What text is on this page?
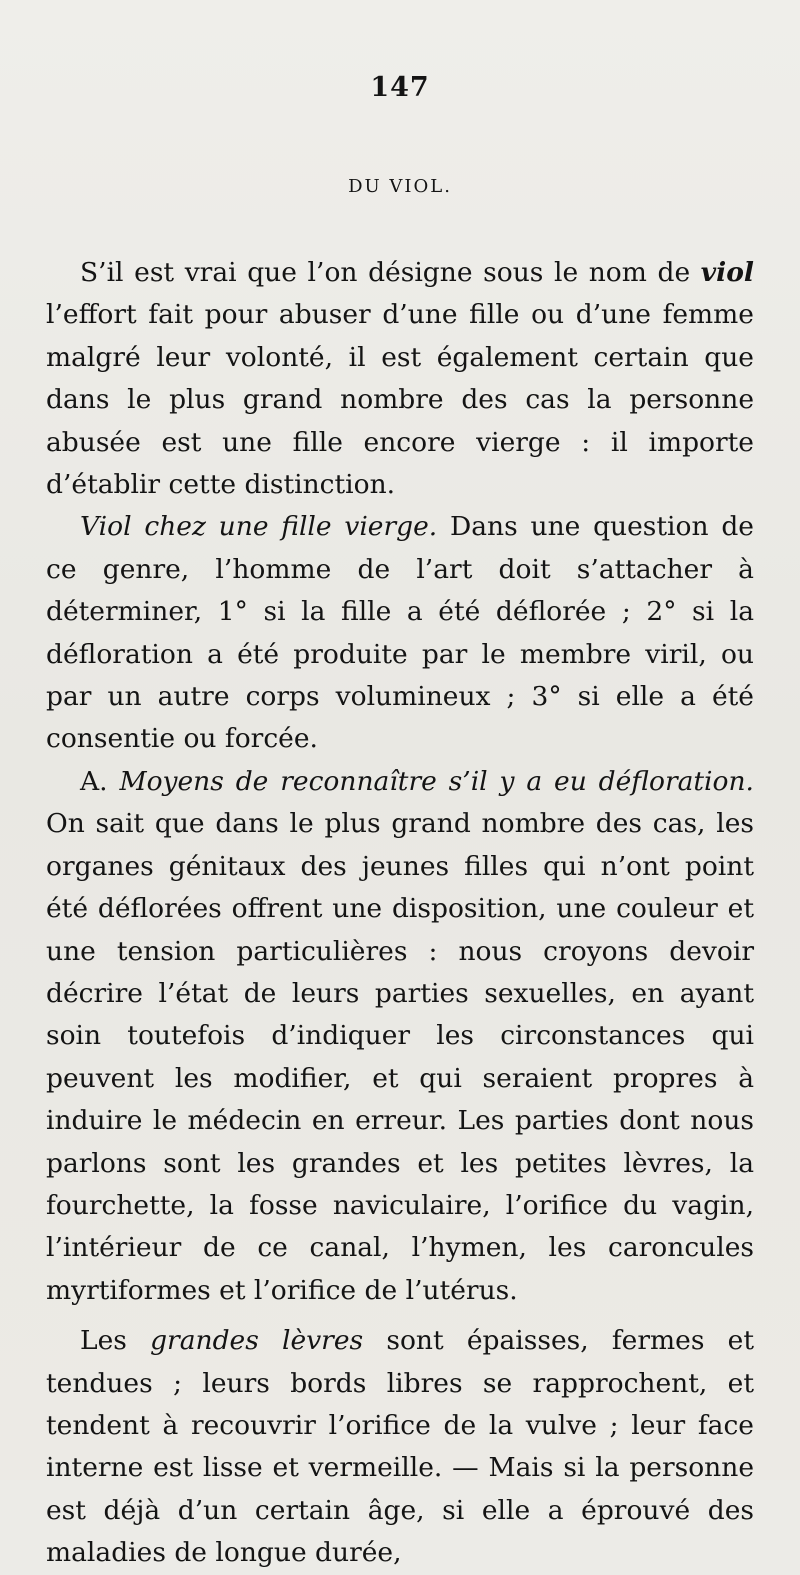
147
DU VIOL.

S’il est vrai que l’on désigne sous le nom de viol l’effort fait pour abuser d’une fille ou d’une femme malgré leur volonté, il est également certain que dans le plus grand nombre des cas la personne abusée est une fille encore vierge : il importe d’établir cette distinction.

Viol chez une fille vierge. Dans une question de ce genre, l’homme de l’art doit s’attacher à déterminer, 1° si la fille a été déflorée ; 2° si la défloration a été produite par le membre viril, ou par un autre corps volumineux ; 3° si elle a été consentie ou forcée.

A. Moyens de reconnaître s’il y a eu défloration. On sait que dans le plus grand nombre des cas, les organes génitaux des jeunes filles qui n’ont point été déflorées offrent une disposition, une couleur et une tension particulières : nous croyons devoir décrire l’état de leurs parties sexuelles, en ayant soin toutefois d’indiquer les circonstances qui peuvent les modifier, et qui seraient propres à induire le médecin en erreur. Les parties dont nous parlons sont les grandes et les petites lèvres, la fourchette, la fosse naviculaire, l’orifice du vagin, l’intérieur de ce canal, l’hymen, les caroncules myrtiformes et l’orifice de l’utérus.

Les grandes lèvres sont épaisses, fermes et tendues ; leurs bords libres se rapprochent, et tendent à recouvrir l’orifice de la vulve ; leur face interne est lisse et vermeille. — Mais si la personne est déjà d’un certain âge, si elle a éprouvé des maladies de longue durée,
